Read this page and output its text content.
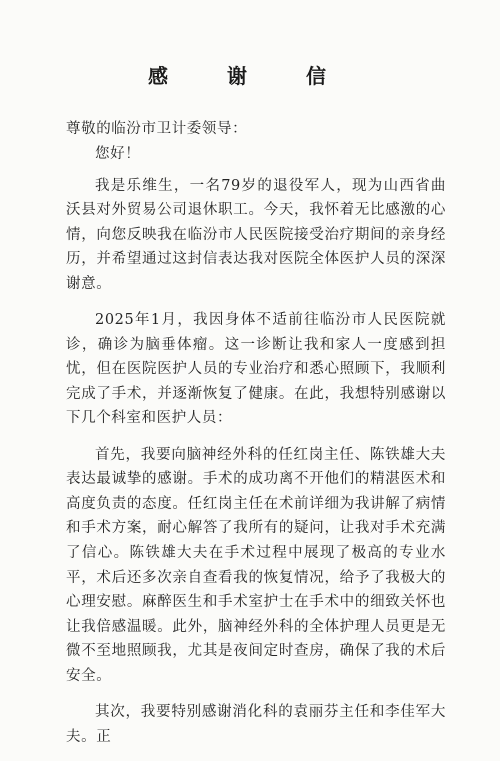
感 谢 信
尊敬的临汾市卫计委领导：

您好！

我是乐维生，一名79岁的退役军人，现为山西省曲沃县对外贸易公司退休职工。今天，我怀着无比感激的心情，向您反映我在临汾市人民医院接受治疗期间的亲身经历，并希望通过这封信表达我对医院全体医护人员的深深谢意。

2025年1月，我因身体不适前往临汾市人民医院就诊，确诊为脑垂体瘤。这一诊断让我和家人一度感到担忧，但在医院医护人员的专业治疗和悉心照顾下，我顺利完成了手术，并逐渐恢复了健康。在此，我想特别感谢以下几个科室和医护人员：

首先，我要向脑神经外科的任红岗主任、陈铁雄大夫表达最诚挚的感谢。手术的成功离不开他们的精湛医术和高度负责的态度。任红岗主任在术前详细为我讲解了病情和手术方案，耐心解答了我所有的疑问，让我对手术充满了信心。陈铁雄大夫在手术过程中展现了极高的专业水平，术后还多次亲自查看我的恢复情况，给予了我极大的心理安慰。麻醉医生和手术室护士在手术中的细致关怀也让我倍感温暖。此外，脑神经外科的全体护理人员更是无微不至地照顾我，尤其是夜间定时查房，确保了我的术后安全。

其次，我要特别感谢消化科的袁丽芬主任和李佳军大夫。正
